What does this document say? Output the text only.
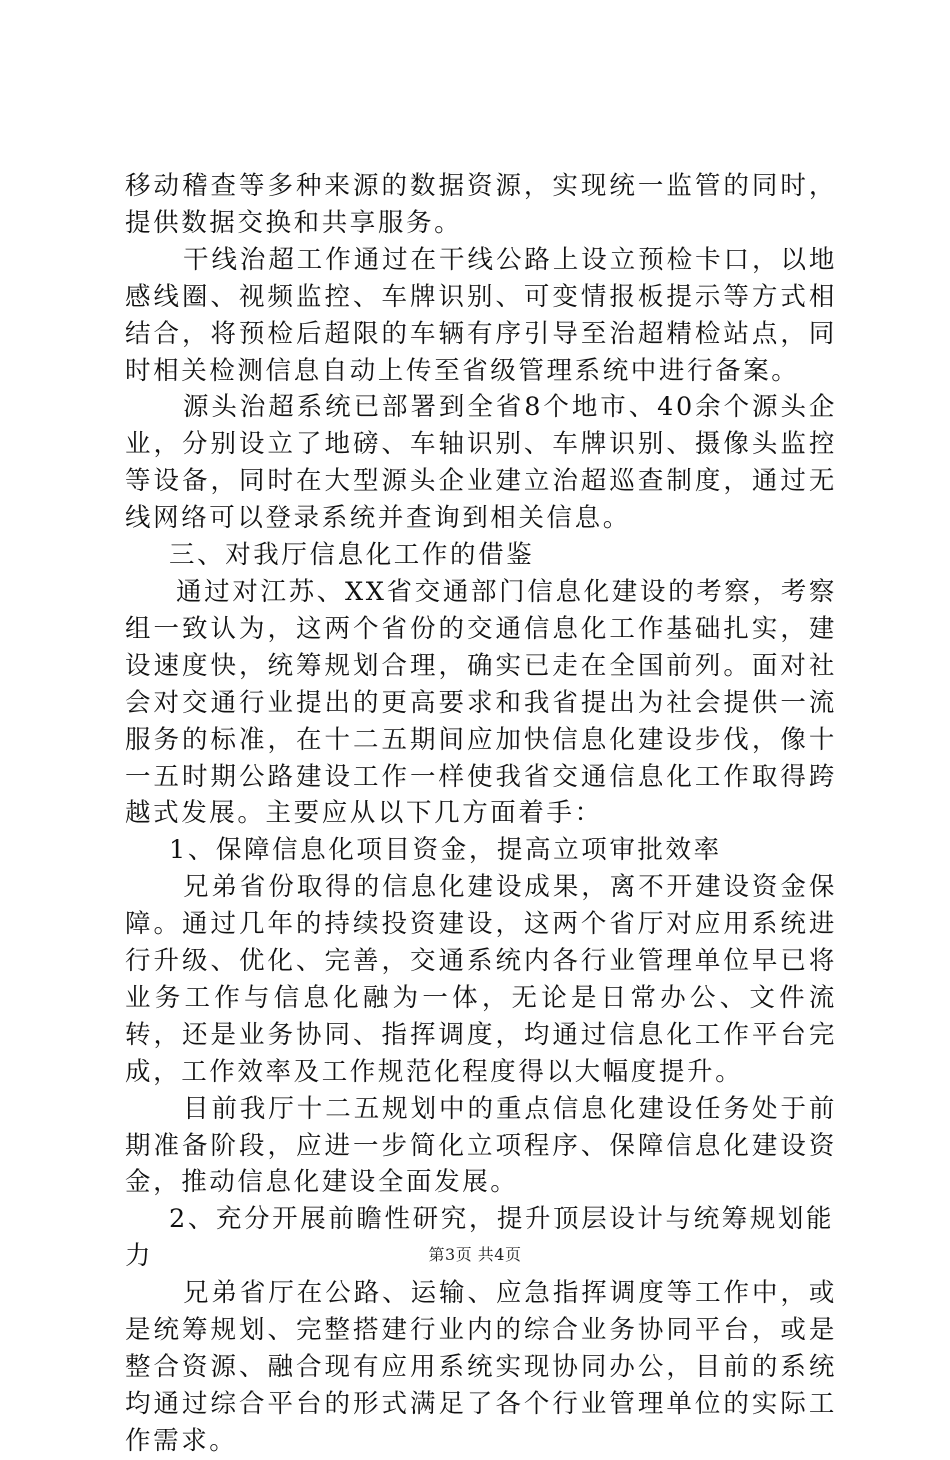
移动稽查等多种来源的数据资源，实现统一监管的同时，提供数据交换和共享服务。

干线治超工作通过在干线公路上设立预检卡口，以地感线圈、视频监控、车牌识别、可变情报板提示等方式相结合，将预检后超限的车辆有序引导至治超精检站点，同时相关检测信息自动上传至省级管理系统中进行备案。

源头治超系统已部署到全省8个地市、40余个源头企业，分别设立了地磅、车轴识别、车牌识别、摄像头监控等设备，同时在大型源头企业建立治超巡查制度，通过无线网络可以登录系统并查询到相关信息。

三、对我厅信息化工作的借鉴

通过对江苏、XX省交通部门信息化建设的考察，考察组一致认为，这两个省份的交通信息化工作基础扎实，建设速度快，统筹规划合理，确实已走在全国前列。面对社会对交通行业提出的更高要求和我省提出为社会提供一流服务的标准，在十二五期间应加快信息化建设步伐，像十一五时期公路建设工作一样使我省交通信息化工作取得跨越式发展。主要应从以下几方面着手：

1、保障信息化项目资金，提高立项审批效率

兄弟省份取得的信息化建设成果，离不开建设资金保障。通过几年的持续投资建设，这两个省厅对应用系统进行升级、优化、完善，交通系统内各行业管理单位早已将业务工作与信息化融为一体，无论是日常办公、文件流转，还是业务协同、指挥调度，均通过信息化工作平台完成，工作效率及工作规范化程度得以大幅度提升。

目前我厅十二五规划中的重点信息化建设任务处于前期准备阶段，应进一步简化立项程序、保障信息化建设资金，推动信息化建设全面发展。

2、充分开展前瞻性研究，提升顶层设计与统筹规划能力

兄弟省厅在公路、运输、应急指挥调度等工作中，或是统筹规划、完整搭建行业内的综合业务协同平台，或是整合资源、融合现有应用系统实现协同办公，目前的系统均通过综合平台的形式满足了各个行业管理单位的实际工作需求。

第3页 共4页
